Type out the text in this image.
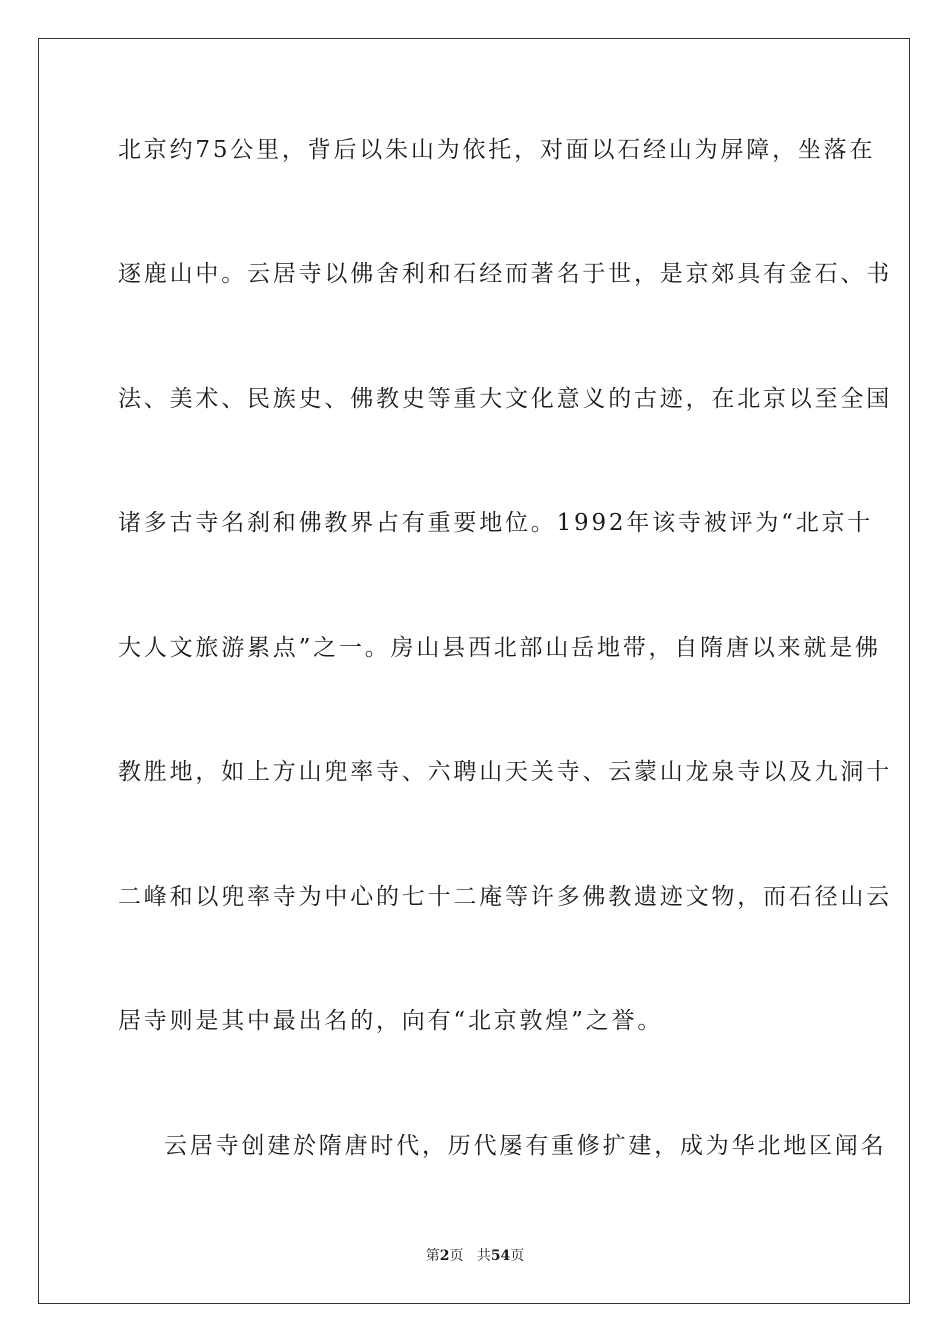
北京约75公里，背后以朱山为依托，对面以石经山为屏障，坐落在
逐鹿山中。云居寺以佛舍利和石经而著名于世，是京郊具有金石、书
法、美术、民族史、佛教史等重大文化意义的古迹，在北京以至全国
诸多古寺名刹和佛教界占有重要地位。1992年该寺被评为“北京十
大人文旅游累点”之一。房山县西北部山岳地带，自隋唐以来就是佛
教胜地，如上方山兜率寺、六聘山天关寺、云蒙山龙泉寺以及九洞十
二峰和以兜率寺为中心的七十二庵等许多佛教遗迹文物，而石径山云
居寺则是其中最出名的，向有“北京敦煌”之誉。
云居寺创建於隋唐时代，历代屡有重修扩建，成为华北地区闻名
第2页 共54页
